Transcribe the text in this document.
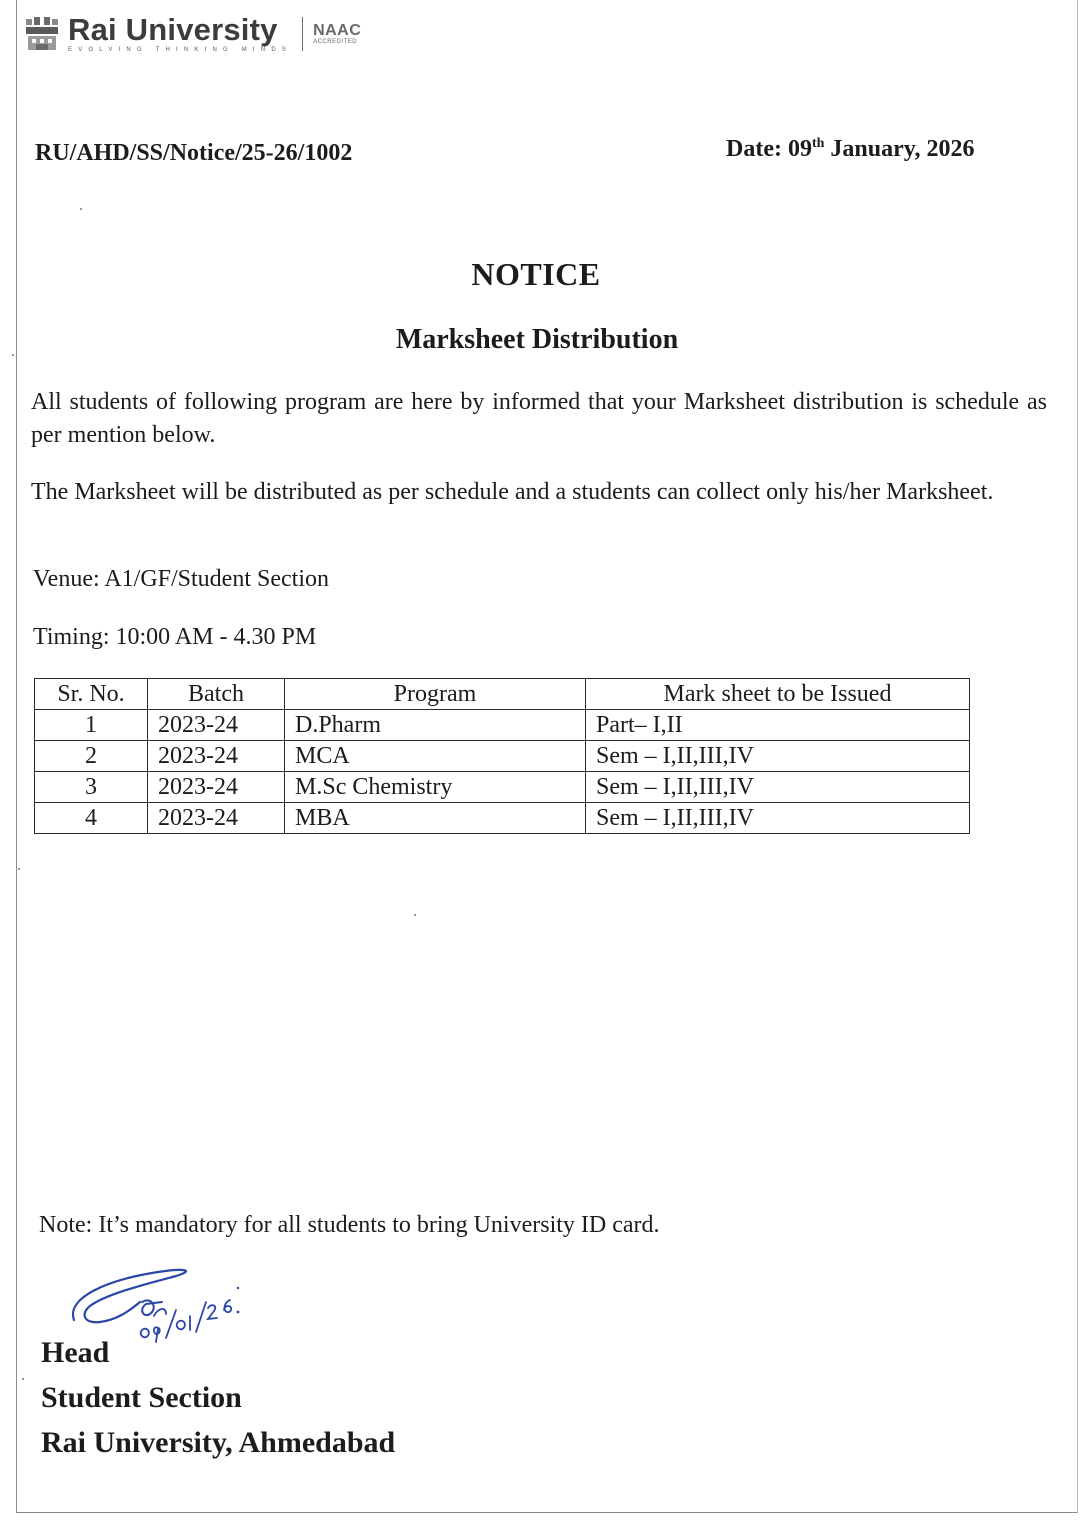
Rai University
EVOLVING THINKING MINDS
NAAC
ACCREDITED
RU/AHD/SS/Notice/25-26/1002	Date: 09th January, 2026
NOTICE
Marksheet Distribution
All students of following program are here by informed that your Marksheet distribution is schedule as per mention below.
The Marksheet will be distributed as per schedule and a students can collect only his/her Marksheet.
Venue: A1/GF/Student Section
Timing: 10:00 AM - 4.30 PM
Sr. No.	Batch	Program	Mark sheet to be Issued
1	2023-24	D.Pharm	Part– I,II
2	2023-24	MCA	Sem – I,II,III,IV
3	2023-24	M.Sc Chemistry	Sem – I,II,III,IV
4	2023-24	MBA	Sem – I,II,III,IV
Note: It’s mandatory for all students to bring University ID card.
Head
Student Section
Rai University, Ahmedabad
